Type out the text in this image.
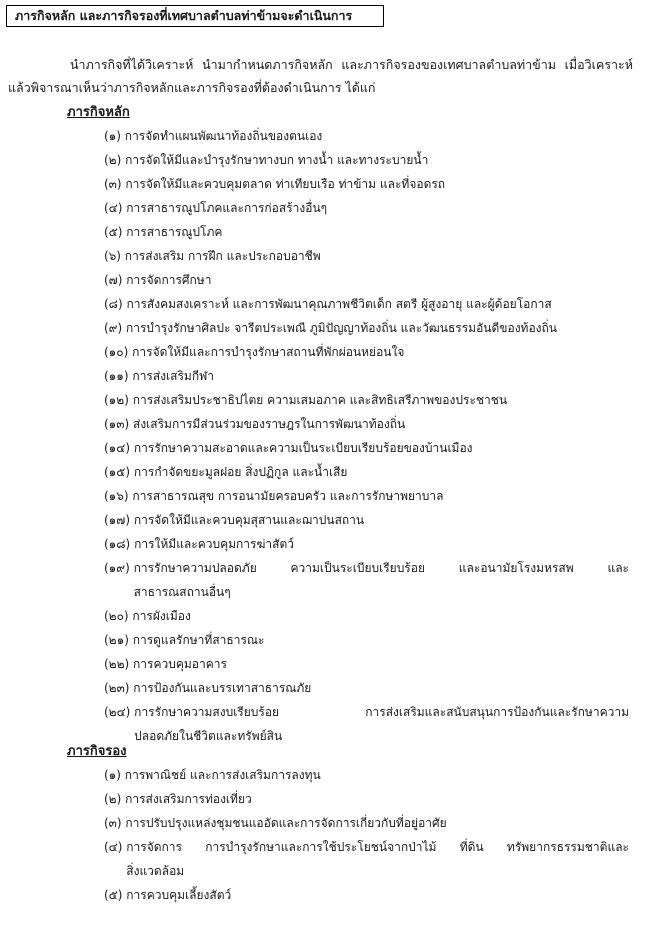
ภารกิจหลัก และภารกิจรองที่เทศบาลตำบลท่าข้ามจะดำเนินการ
นำภารกิจที่ได้วิเคราะห์ นำมากำหนดภารกิจหลัก และภารกิจรองของเทศบาลตำบลท่าข้าม เมื่อวิเคราะห์
แล้วพิจารณาเห็นว่าภารกิจหลักและภารกิจรองที่ต้องดำเนินการ ได้แก่
ภารกิจหลัก
(๑) การจัดทำแผนพัฒนาท้องถิ่นของตนเอง
(๒) การจัดให้มีและบำรุงรักษาทางบก ทางน้ำ และทางระบายน้ำ
(๓) การจัดให้มีและควบคุมตลาด ท่าเทียบเรือ ท่าข้าม และที่จอดรถ
(๔) การสาธารณูปโภคและการก่อสร้างอื่นๆ
(๕) การสาธารณูปโภค
(๖) การส่งเสริม การฝึก และประกอบอาชีพ
(๗) การจัดการศึกษา
(๘) การสังคมสงเคราะห์ และการพัฒนาคุณภาพชีวิตเด็ก สตรี ผู้สูงอายุ และผู้ด้อยโอกาส
(๙) การบำรุงรักษาศิลปะ จารีตประเพณี ภูมิปัญญาท้องถิ่น และวัฒนธรรมอันดีของท้องถิ่น
(๑๐) การจัดให้มีและการบำรุงรักษาสถานที่พักผ่อนหย่อนใจ
(๑๑) การส่งเสริมกีฬา
(๑๒) การส่งเสริมประชาธิปไตย ความเสมอภาค และสิทธิเสรีภาพของประชาชน
(๑๓) ส่งเสริมการมีส่วนร่วมของราษฎรในการพัฒนาท้องถิ่น
(๑๔) การรักษาความสะอาดและความเป็นระเบียบเรียบร้อยของบ้านเมือง
(๑๕) การกำจัดขยะมูลฝอย สิ่งปฏิกูล และน้ำเสีย
(๑๖) การสาธารณสุข การอนามัยครอบครัว และการรักษาพยาบาล
(๑๗) การจัดให้มีและควบคุมสุสานและฌาปนสถาน
(๑๘) การให้มีและควบคุมการฆ่าสัตว์
(๑๙) การรักษาความปลอดภัย ความเป็นระเบียบเรียบร้อย และอนามัยโรงมหรสพ และ
สาธารณสถานอื่นๆ
(๒๐) การผังเมือง
(๒๑) การดูแลรักษาที่สาธารณะ
(๒๒) การควบคุมอาคาร
(๒๓) การป้องกันและบรรเทาสาธารณภัย
(๒๔) การรักษาความสงบเรียบร้อย การส่งเสริมและสนับสนุนการป้องกันและรักษาความ
ปลอดภัยในชีวิตและทรัพย์สิน
ภารกิจรอง
(๑) การพาณิชย์ และการส่งเสริมการลงทุน
(๒) การส่งเสริมการท่องเที่ยว
(๓) การปรับปรุงแหล่งชุมชนแออัดและการจัดการเกี่ยวกับที่อยู่อาศัย
(๔) การจัดการ การบำรุงรักษาและการใช้ประโยชน์จากป่าไม้ ที่ดิน ทรัพยากรธรรมชาติและ
สิ่งแวดล้อม
(๕) การควบคุมเลี้ยงสัตว์
